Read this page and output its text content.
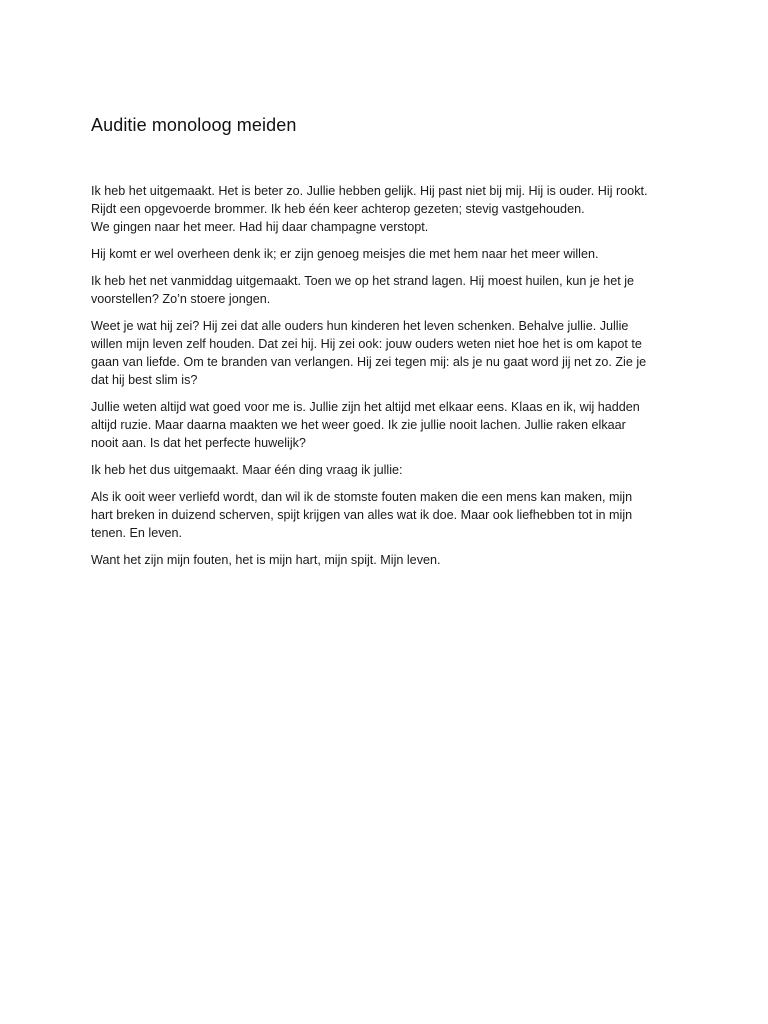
Auditie monoloog meiden

Ik heb het uitgemaakt. Het is beter zo. Jullie hebben gelijk. Hij past niet bij mij. Hij is ouder. Hij rookt.
Rijdt een opgevoerde brommer. Ik heb één keer achterop gezeten; stevig vastgehouden.
We gingen naar het meer. Had hij daar champagne verstopt.

Hij komt er wel overheen denk ik; er zijn genoeg meisjes die met hem naar het meer willen.

Ik heb het net vanmiddag uitgemaakt. Toen we op het strand lagen. Hij moest huilen, kun je het je
voorstellen? Zo’n stoere jongen.

Weet je wat hij zei? Hij zei dat alle ouders hun kinderen het leven schenken. Behalve jullie. Jullie
willen mijn leven zelf houden. Dat zei hij. Hij zei ook: jouw ouders weten niet hoe het is om kapot te
gaan van liefde. Om te branden van verlangen. Hij zei tegen mij: als je nu gaat word jij net zo. Zie je
dat hij best slim is?

Jullie weten altijd wat goed voor me is. Jullie zijn het altijd met elkaar eens. Klaas en ik, wij hadden
altijd ruzie. Maar daarna maakten we het weer goed. Ik zie jullie nooit lachen. Jullie raken elkaar
nooit aan. Is dat het perfecte huwelijk?

Ik heb het dus uitgemaakt. Maar één ding vraag ik jullie:

Als ik ooit weer verliefd wordt, dan wil ik de stomste fouten maken die een mens kan maken, mijn
hart breken in duizend scherven, spijt krijgen van alles wat ik doe. Maar ook liefhebben tot in mijn
tenen. En leven.

Want het zijn mijn fouten, het is mijn hart, mijn spijt. Mijn leven.
